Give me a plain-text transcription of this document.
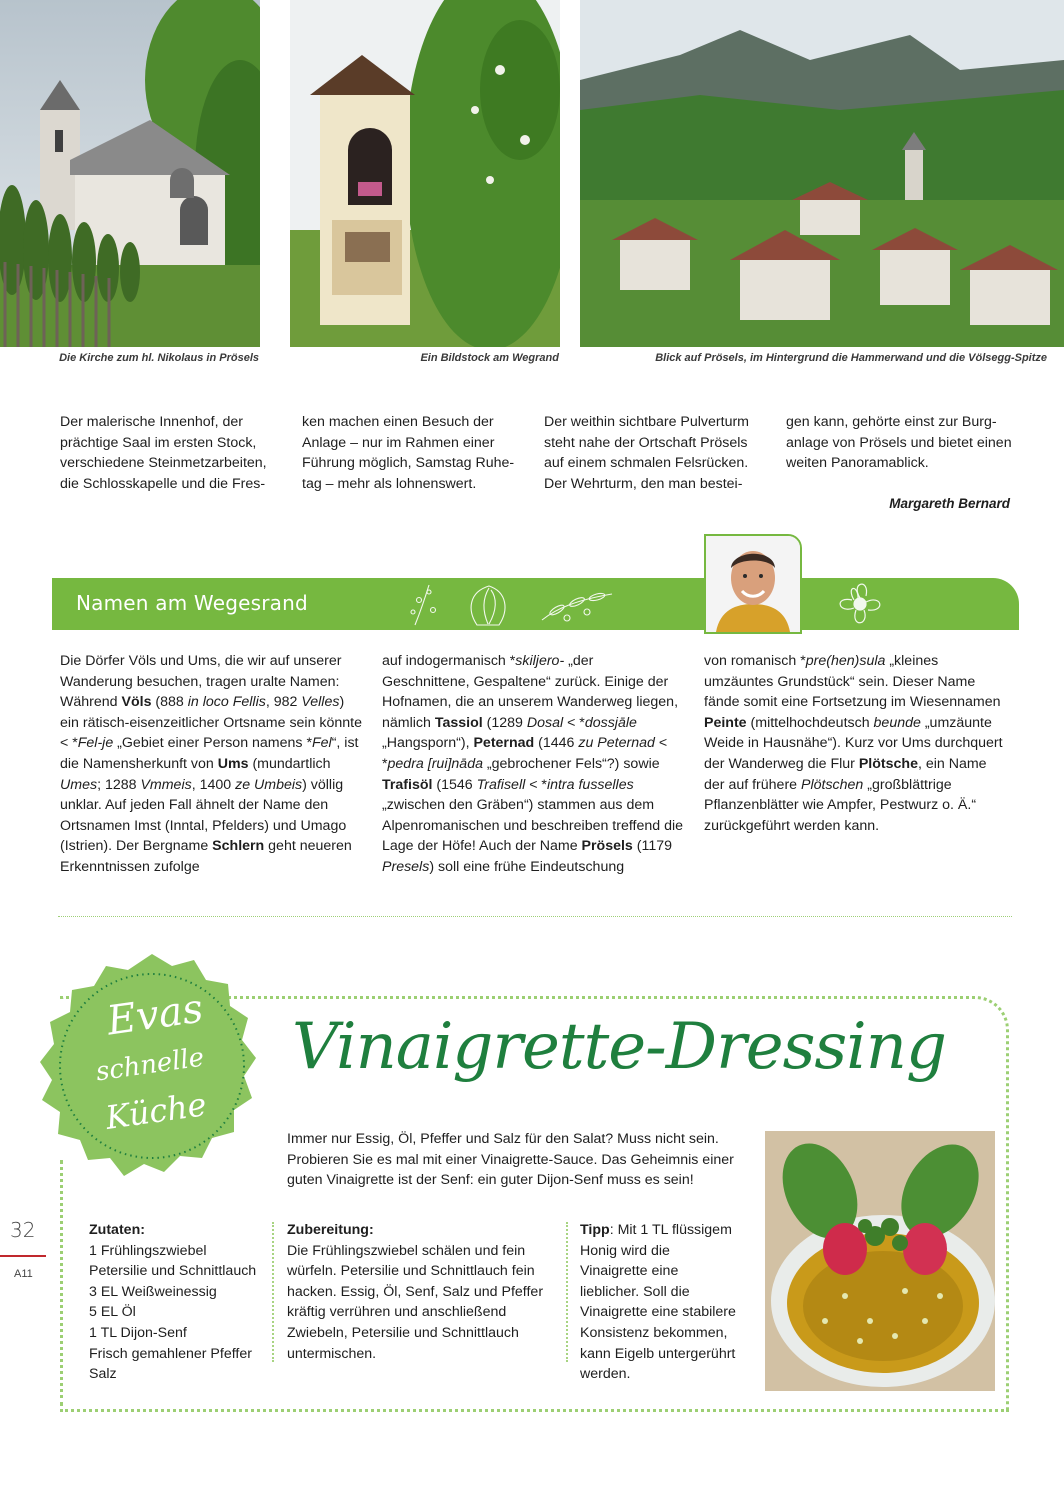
Die Kirche zum hl. Nikolaus in Prösels	Ein Bildstock am Wegrand	Blick auf Prösels, im Hintergrund die Hammerwand und die Völsegg-Spitze

Der malerische Innenhof, der prächtige Saal im ersten Stock, verschiedene Steinmetzarbeiten, die Schlosskapelle und die Fres-

ken machen einen Besuch der Anlage – nur im Rahmen einer Führung möglich, Samstag Ruhe-tag – mehr als lohnenswert.

Der weithin sichtbare Pulverturm steht nahe der Ortschaft Prösels auf einem schmalen Felsrücken. Der Wehrturm, den man bestei-

gen kann, gehörte einst zur Burg-anlage von Prösels und bietet einen weiten Panoramablick.

Margareth Bernard
Namen am Wegesrand

Die Dörfer Völs und Ums, die wir auf unserer Wanderung besuchen, tragen uralte Namen: Während Völs (888 in loco Fellis, 982 Velles) ein rätisch-eisenzeitlicher Ortsname sein könnte < *Fel-je „Gebiet einer Person namens *Fel“, ist die Namensherkunft von Ums (mundartlich Umes; 1288 Vmmeis, 1400 ze Umbeis) völlig unklar. Auf jeden Fall ähnelt der Name den Ortsnamen Imst (Inntal, Pfelders) und Umago (Istrien). Der Bergname Schlern geht neueren Erkenntnissen zufolge

auf indogermanisch *skiljero- „der Geschnittene, Gespaltene“ zurück. Einige der Hofnamen, die an unserem Wanderweg liegen, nämlich Tassiol (1289 Dosal < *dossjāle „Hangsporn“), Peternad (1446 zu Peternad < *pedra [rui]nāda „gebrochener Fels“?) sowie Trafisöl (1546 Trafisell < *intra fusselles „zwischen den Gräben“) stammen aus dem Alpenromanischen und beschreiben treffend die Lage der Höfe! Auch der Name Prösels (1179 Presels) soll eine frühe Eindeutschung

von romanisch *pre(hen)sula „kleines umzäuntes Grundstück“ sein. Dieser Name fände somit eine Fortsetzung im Wiesennamen Peinte (mittelhochdeutsch beunde „umzäunte Weide in Hausnähe“). Kurz vor Ums durchquert der Wanderweg die Flur Plötsche, ein Name der auf frühere Plötschen „großblättrige Pflanzenblätter wie Ampfer, Pestwurz o. Ä.“ zurückgeführt werden kann.

Evas
schnelle
Küche
Vinaigrette-Dressing
Immer nur Essig, Öl, Pfeffer und Salz für den Salat? Muss nicht sein. Probieren Sie es mal mit einer Vinaigrette-Sauce. Das Geheimnis einer guten Vinaigrette ist der Senf: ein guter Dijon-Senf muss es sein!
Zutaten:
1 Frühlingszwiebel
Petersilie und Schnittlauch
3 EL Weißweinessig
5 EL Öl
1 TL Dijon-Senf
Frisch gemahlener Pfeffer
Salz
Zubereitung:
Die Frühlingszwiebel schälen und fein würfeln. Petersilie und Schnittlauch fein hacken. Essig, Öl, Senf, Salz und Pfeffer kräftig verrühren und anschließend Zwiebeln, Petersilie und Schnittlauch untermischen.
Tipp: Mit 1 TL flüssigem Honig wird die Vinaigrette eine lieblicher. Soll die Vinaigrette eine stabilere Konsistenz bekommen, kann Eigelb untergerührt werden.
32
A11
